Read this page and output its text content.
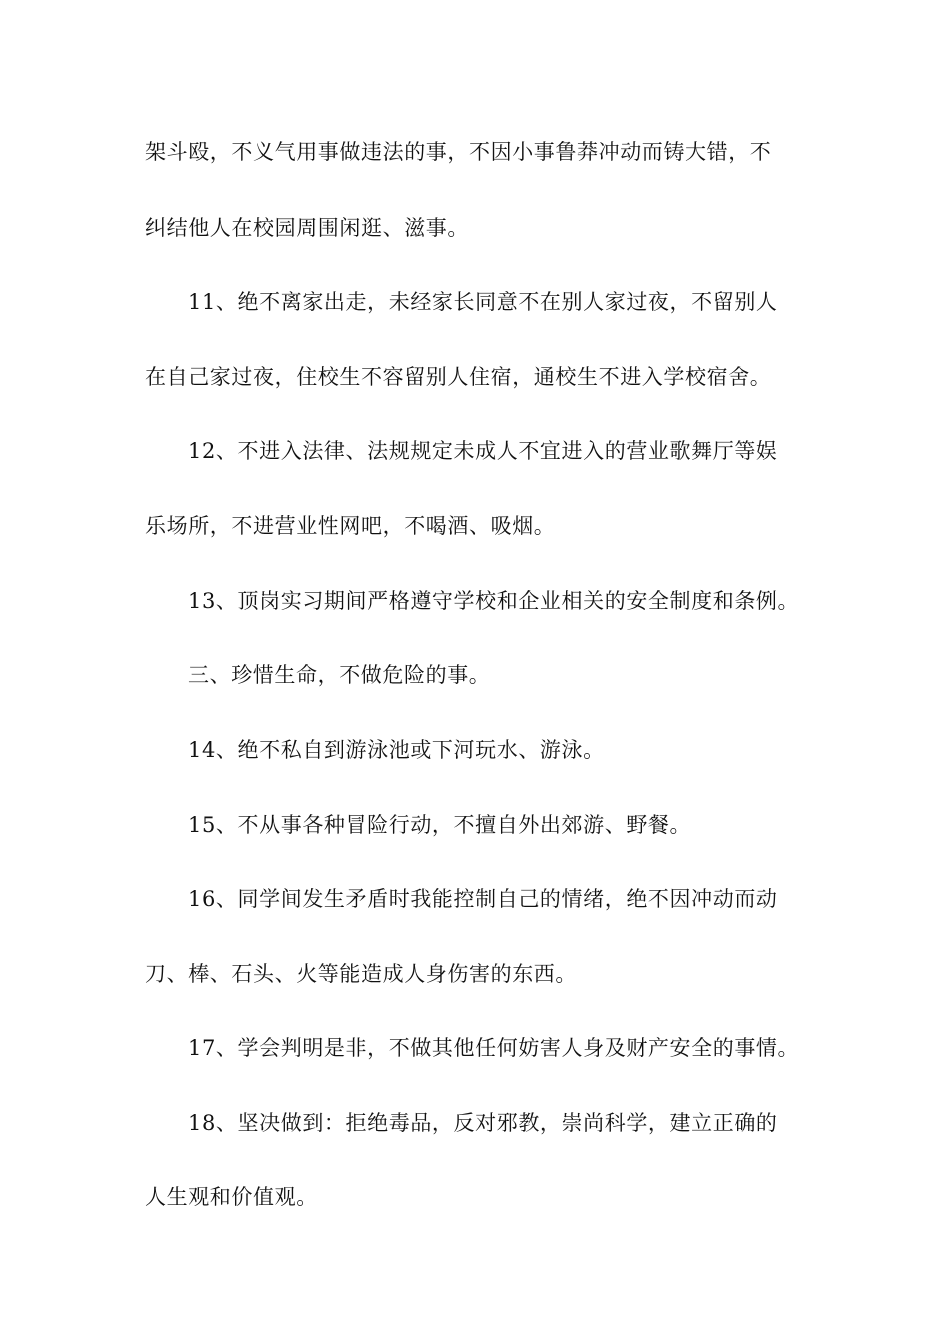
架斗殴，不义气用事做违法的事，不因小事鲁莽冲动而铸大错，不
纠结他人在校园周围闲逛、滋事。
11、绝不离家出走，未经家长同意不在别人家过夜，不留别人
在自己家过夜，住校生不容留别人住宿，通校生不进入学校宿舍。
12、不进入法律、法规规定未成人不宜进入的营业歌舞厅等娱
乐场所，不进营业性网吧，不喝酒、吸烟。
13、顶岗实习期间严格遵守学校和企业相关的安全制度和条例。
三、珍惜生命，不做危险的事。
14、绝不私自到游泳池或下河玩水、游泳。
15、不从事各种冒险行动，不擅自外出郊游、野餐。
16、同学间发生矛盾时我能控制自己的情绪，绝不因冲动而动
刀、棒、石头、火等能造成人身伤害的东西。
17、学会判明是非，不做其他任何妨害人身及财产安全的事情。
18、坚决做到：拒绝毒品，反对邪教，崇尚科学，建立正确的
人生观和价值观。
